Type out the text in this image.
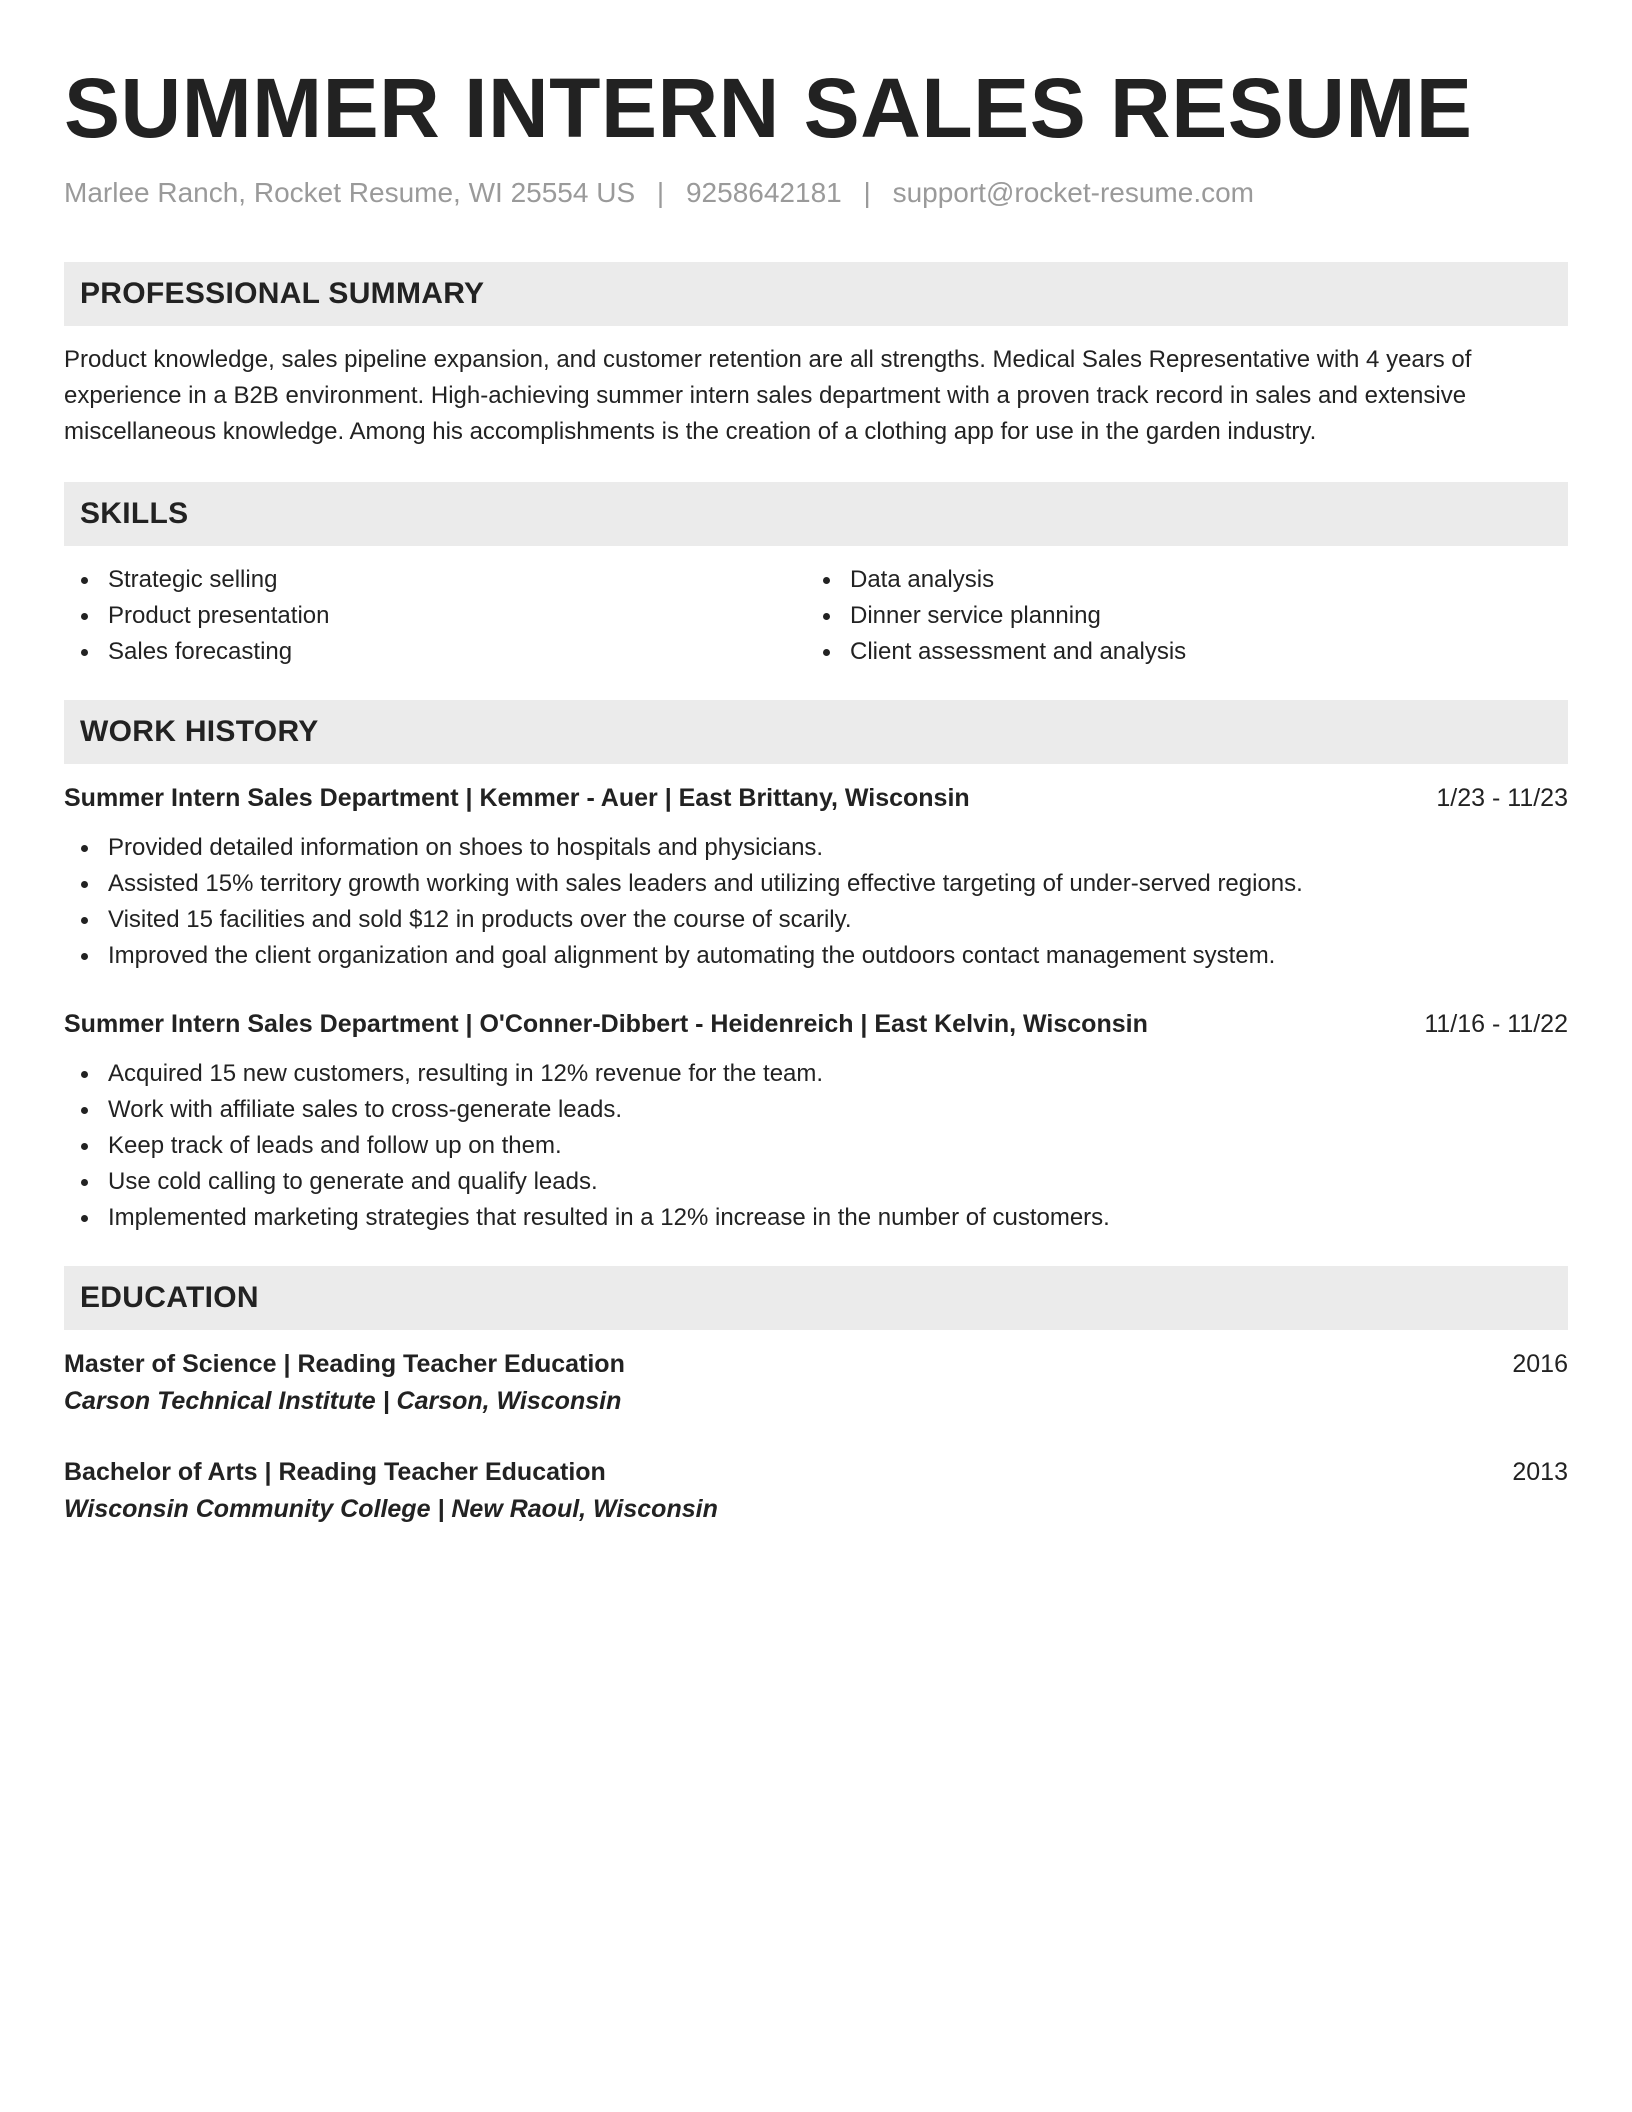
SUMMER INTERN SALES RESUME
Marlee Ranch, Rocket Resume, WI 25554 US | 9258642181 | support@rocket-resume.com
PROFESSIONAL SUMMARY

Product knowledge, sales pipeline expansion, and customer retention are all strengths. Medical Sales Representative with 4 years of experience in a B2B environment. High-achieving summer intern sales department with a proven track record in sales and extensive miscellaneous knowledge. Among his accomplishments is the creation of a clothing app for use in the garden industry.

SKILLS
Strategic selling
Product presentation
Sales forecasting
Data analysis
Dinner service planning
Client assessment and analysis
WORK HISTORY
Summer Intern Sales Department | Kemmer - Auer | East Brittany, Wisconsin	1/23 - 11/23
Provided detailed information on shoes to hospitals and physicians.
Assisted 15% territory growth working with sales leaders and utilizing effective targeting of under-served regions.
Visited 15 facilities and sold $12 in products over the course of scarily.
Improved the client organization and goal alignment by automating the outdoors contact management system.
Summer Intern Sales Department | O'Conner-Dibbert - Heidenreich | East Kelvin, Wisconsin	11/16 - 11/22
Acquired 15 new customers, resulting in 12% revenue for the team.
Work with affiliate sales to cross-generate leads.
Keep track of leads and follow up on them.
Use cold calling to generate and qualify leads.
Implemented marketing strategies that resulted in a 12% increase in the number of customers.
EDUCATION
Master of Science | Reading Teacher Education	2016
Carson Technical Institute | Carson, Wisconsin
Bachelor of Arts | Reading Teacher Education	2013
Wisconsin Community College | New Raoul, Wisconsin
